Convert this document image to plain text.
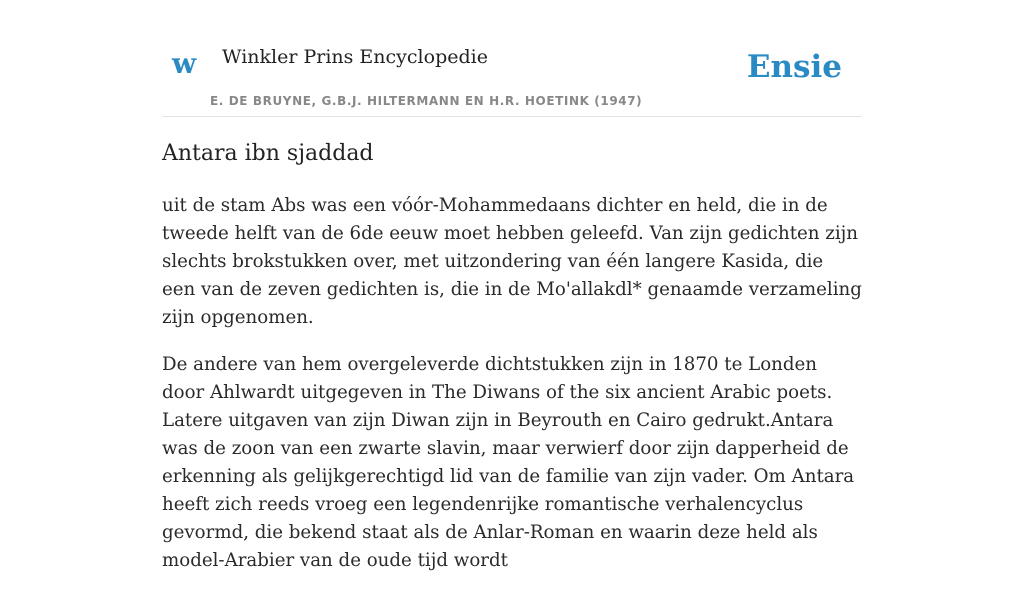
w Winkler Prins Encyclopedie
E. DE BRUYNE, G.B.J. HILTERMANN EN H.R. HOETINK (1947)
Ensie
Antara ibn sjaddad

uit de stam Abs was een vóór-Mohammedaans dichter en held, die in de tweede helft van de 6de eeuw moet hebben geleefd. Van zijn gedichten zijn slechts brokstukken over, met uitzondering van één langere Kasida, die een van de zeven gedichten is, die in de Mo'allakdl* genaamde verzameling zijn opgenomen.

De andere van hem overgeleverde dichtstukken zijn in 1870 te Londen door Ahlwardt uitgegeven in The Diwans of the six ancient Arabic poets. Latere uitgaven van zijn Diwan zijn in Beyrouth en Cairo gedrukt.Antara was de zoon van een zwarte slavin, maar verwierf door zijn dapperheid de erkenning als gelijkgerechtigd lid van de familie van zijn vader. Om Antara heeft zich reeds vroeg een legendenrijke romantische verhalencyclus gevormd, die bekend staat als de Anlar-Roman en waarin deze held als model-Arabier van de oude tijd wordt
